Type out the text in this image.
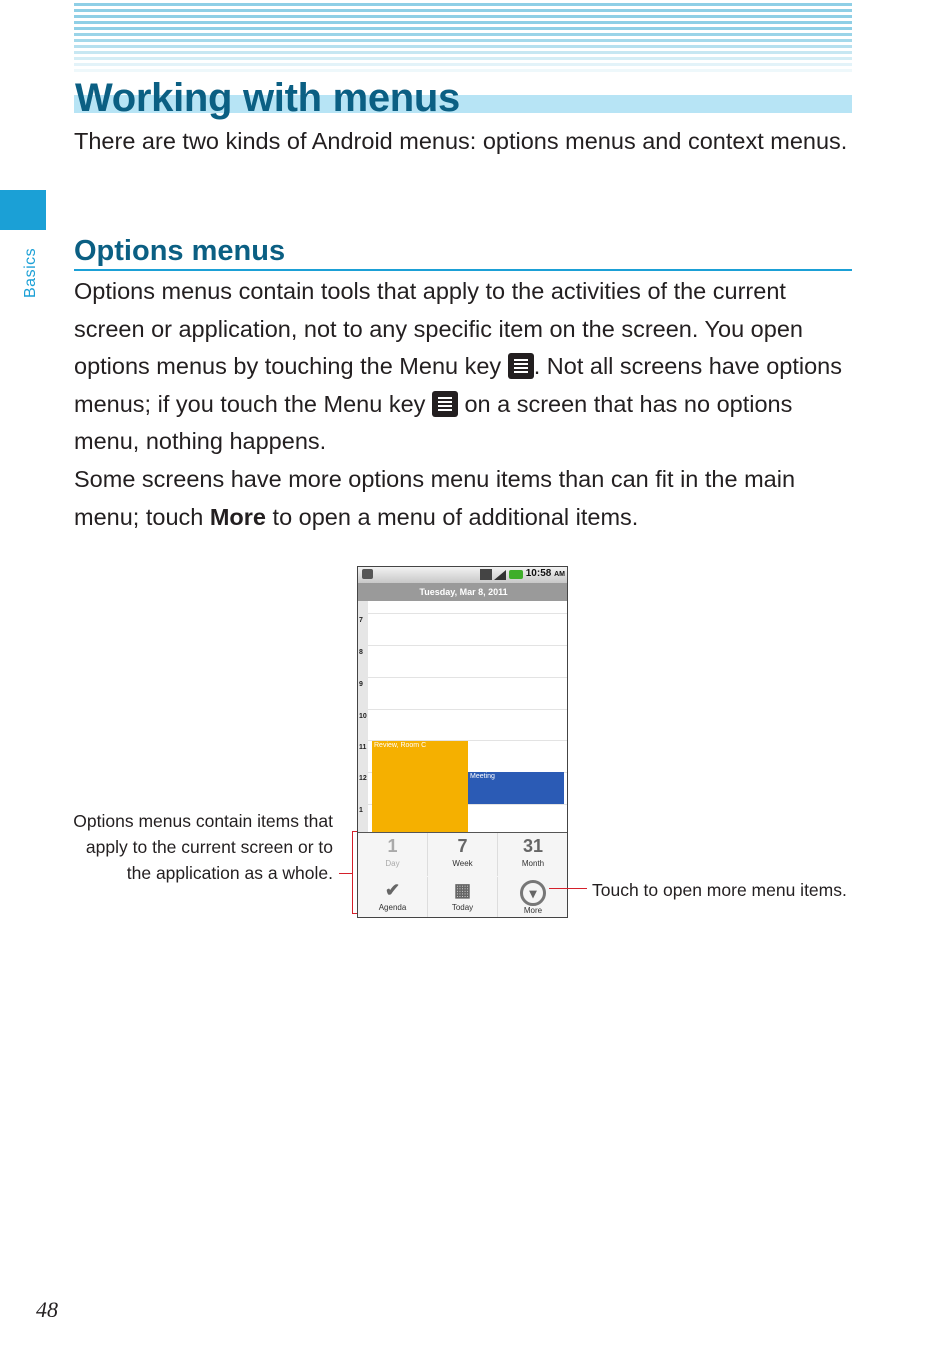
Working with menus
Basics

There are two kinds of Android menus: options menus and context menus.

Options menus

Options menus contain tools that apply to the activities of the current screen or application, not to any specific item on the screen. You open options menus by touching the Menu key
. Not all screens have options menus; if you touch the Menu key
on a screen that has no options menu, nothing happens.

Some screens have more options menu items than can fit in the main menu; touch More to open a menu of additional items.

10:58 AM
Tuesday, Mar 8, 2011
7
8
9
10
11
12
1
Review, Room C
Meeting
1
Day
7
Week
31
Month
✔
Agenda
▦
Today
▾
More
Options menus contain items that
apply to the current screen or to
the application as a whole.
Touch to open more menu items.
48
